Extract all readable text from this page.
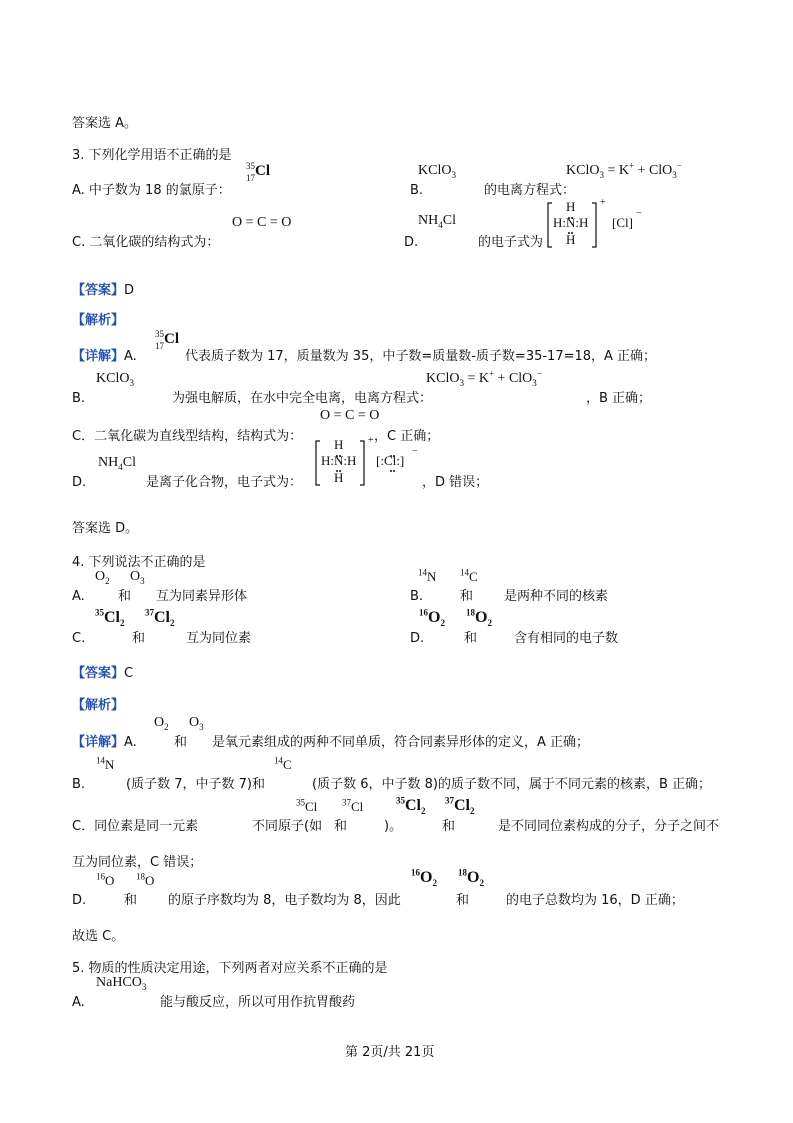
答案选 A。
3. 下列化学用语不正确的是
A. 中子数为 18 的氯原子：
35
17 Cl
B.
KClO$_3$
的电离方程式：
KClO$_3$ = K+ + ClO$_3$−
C. 二氧化碳的结构式为：
O = C = O
D.
$NH_4Cl$
的电子式为
H
H:N:H
H
+
[Cl]
−
【答案】D
【解析】
【详解】A.
35
17 Cl
代表质子数为 17，质量数为 35，中子数=质量数-质子数=35-17=18，A 正确；
B.
KClO$_3$
为强电解质，在水中完全电离，电离方程式：
KClO$_3$ = K+ + ClO$_3$−
，B 正确；
O = C = O
C．二氧化碳为直线型结构，结构式为：	，C 正确；
D.
$NH_4Cl$
是离子化合物，电子式为：
H
H:N:H
H
+
[:Cl:]
−
，D 错误；
答案选 D。
4. 下列说法不正确的是
A.
$O_2$ $O_3$
和 互为同素异形体	B.
$^{14}$N	$^{14}$C
和 是两种不同的核素
C.
$^{35}Cl_2$
$^{37}Cl_2$
和	互为同位素	D.
$^{16}O_2$
$^{18}O_2$
和	含有相同的电子数
【答案】C
【解析】
【详解】A.
$O_2$ $O_3$
和 是氧元素组成的两种不同单质，符合同素异形体的定义，A 正确；
B.
$^{14}$N
(质子数 7，中子数 7)和
$^{14}$C
(质子数 6，中子数 8)的质子数不同，属于不同元素的核素，B 正确；
C．同位素是同一元素	不同原子(如
$^{35}$Cl	$^{37}$Cl
和	)。
$^{35}Cl_2$
$^{37}Cl_2$
和	是不同同位素构成的分子，分子之间不
互为同位素，C 错误；
D.
$^{16}$O $^{18}$O
和 的原子序数均为 8，电子数均为 8，因此
$^{16}O_2$
$^{18}O_2$
和	的电子总数均为 16，D 正确；
故选 C。
5. 物质的性质决定用途，下列两者对应关系不正确的是
NaHCO$_3$
A.	能与酸反应，所以可用作抗胃酸药
第 2页/共 21页
